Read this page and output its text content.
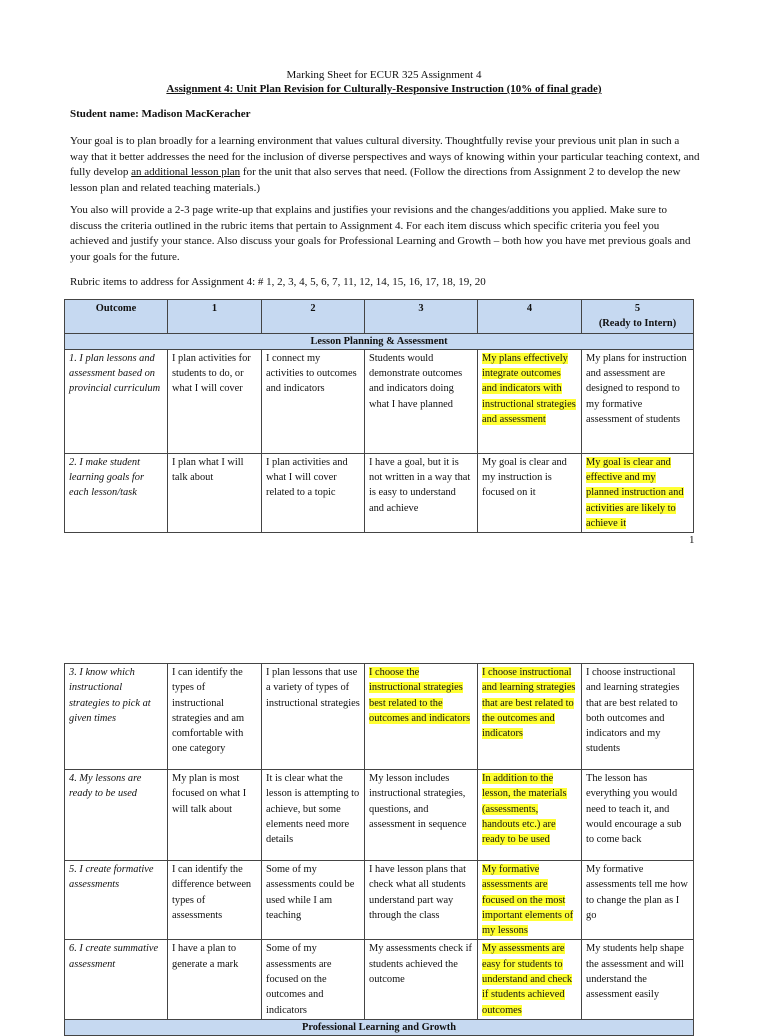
Marking Sheet for ECUR 325 Assignment 4
Assignment 4: Unit Plan Revision for Culturally-Responsive Instruction (10% of final grade)
Student name: Madison MacKeracher
Your goal is to plan broadly for a learning environment that values cultural diversity. Thoughtfully revise your previous unit plan in such a way that it better addresses the need for the inclusion of diverse perspectives and ways of knowing within your particular teaching context, and fully develop an additional lesson plan for the unit that also serves that need. (Follow the directions from Assignment 2 to develop the new lesson plan and related teaching materials.)
You also will provide a 2-3 page write-up that explains and justifies your revisions and the changes/additions you applied. Make sure to discuss the criteria outlined in the rubric items that pertain to Assignment 4. For each item discuss which specific criteria you feel you achieved and justify your stance. Also discuss your goals for Professional Learning and Growth – both how you have met previous goals and your goals for the future.
Rubric items to address for Assignment 4: # 1, 2, 3, 4, 5, 6, 7, 11, 12, 14, 15, 16, 17, 18, 19, 20
Outcome	1	2	3	4	5
(Ready to Intern)
Lesson Planning & Assessment					
1. I plan lessons and assessment based on provincial curriculum	I plan activities for students to do, or what I will cover	I connect my activities to outcomes and indicators	Students would demonstrate outcomes and indicators doing what I have planned	My plans effectively integrate outcomes and indicators with instructional strategies and assessment	My plans for instruction and assessment are designed to respond to my formative assessment of students
2. I make student learning goals for each lesson/task	I plan what I will talk about	I plan activities and what I will cover related to a topic	I have a goal, but it is not written in a way that is easy to understand and achieve	My goal is clear and my instruction is focused on it	My goal is clear and effective and my planned instruction and activities are likely to achieve it
1
3. I know which instructional strategies to pick at given times	I can identify the types of instructional strategies and am comfortable with one category	I plan lessons that use a variety of types of instructional strategies	I choose the instructional strategies best related to the outcomes and indicators	I choose instructional and learning strategies that are best related to the outcomes and indicators	I choose instructional and learning strategies that are best related to both outcomes and indicators and my students
4. My lessons are ready to be used	My plan is most focused on what I will talk about	It is clear what the lesson is attempting to achieve, but some elements need more details	My lesson includes instructional strategies, questions, and assessment in sequence	In addition to the lesson, the materials (assessments, handouts etc.) are ready to be used	The lesson has everything you would need to teach it, and would encourage a sub to come back
5. I create formative assessments	I can identify the difference between types of assessments	Some of my assessments could be used while I am teaching	I have lesson plans that check what all students understand part way through the class	My formative assessments are focused on the most important elements of my lessons	My formative assessments tell me how to change the plan as I go
6. I create summative assessment	I have a plan to generate a mark	Some of my assessments are focused on the outcomes and indicators	My assessments check if students achieved the outcome	My assessments are easy for students to understand and check if students achieved outcomes	My students help shape the assessment and will understand the assessment easily
Professional Learning and Growth					
